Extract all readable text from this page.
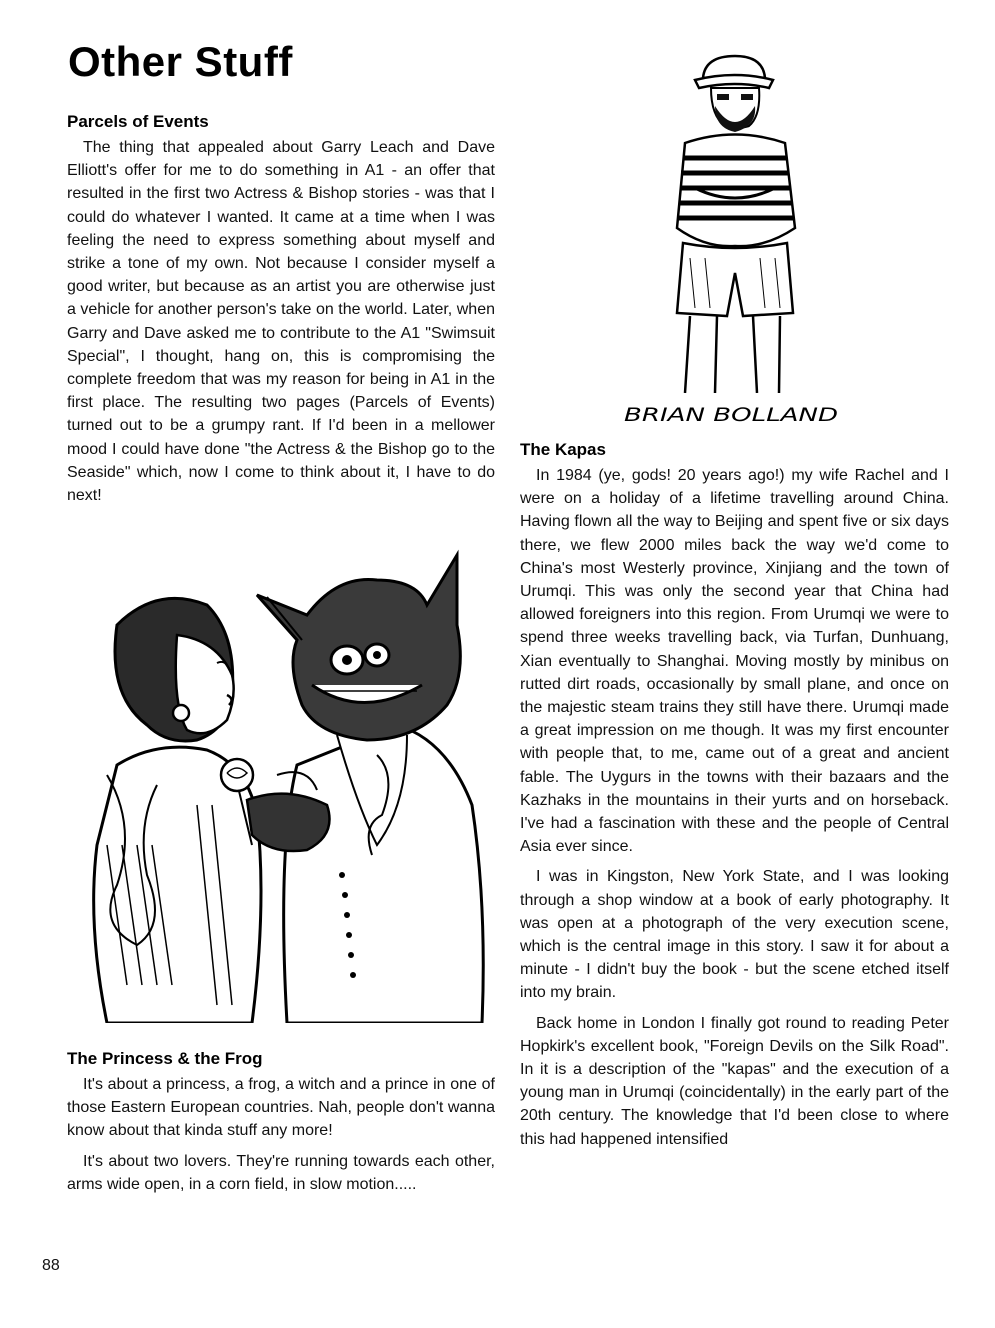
Other Stuff
Parcels of Events

The thing that appealed about Garry Leach and Dave Elliott's offer for me to do something in A1 - an offer that resulted in the first two Actress & Bishop stories - was that I could do whatever I wanted. It came at a time when I was feeling the need to express something about myself and strike a tone of my own. Not because I consider myself a good writer, but because as an artist you are otherwise just a vehicle for another person's take on the world. Later, when Garry and Dave asked me to contribute to the A1 "Swimsuit Special", I thought, hang on, this is compromising the complete freedom that was my reason for being in A1 in the first place. The resulting two pages (Parcels of Events) turned out to be a grumpy rant. If I'd been in a mellower mood I could have done "the Actress & the Bishop go to the Seaside" which, now I come to think about it, I have to do next!

The Princess & the Frog

It's about a princess, a frog, a witch and a prince in one of those Eastern European countries. Nah, people don't wanna know about that kinda stuff any more!

It's about two lovers. They're running towards each other, arms wide open, in a corn field, in slow motion.....

BRIAN BOLLAND
The Kapas

In 1984 (ye, gods! 20 years ago!) my wife Rachel and I were on a holiday of a lifetime travelling around China. Having flown all the way to Beijing and spent five or six days there, we flew 2000 miles back the way we'd come to China's most Westerly province, Xinjiang and the town of Urumqi. This was only the second year that China had allowed foreigners into this region. From Urumqi we were to spend three weeks travelling back, via Turfan, Dunhuang, Xian eventually to Shanghai. Moving mostly by minibus on rutted dirt roads, occasionally by small plane, and once on the majestic steam trains they still have there. Urumqi made a great impression on me though. It was my first encounter with people that, to me, came out of a great and ancient fable. The Uygurs in the towns with their bazaars and the Kazhaks in the mountains in their yurts and on horseback. I've had a fascination with these and the people of Central Asia ever since.

I was in Kingston, New York State, and I was looking through a shop window at a book of early photography. It was open at a photograph of the very execution scene, which is the central image in this story. I saw it for about a minute - I didn't buy the book - but the scene etched itself into my brain.

Back home in London I finally got round to reading Peter Hopkirk's excellent book, "Foreign Devils on the Silk Road". In it is a description of the "kapas" and the execution of a young man in Urumqi (coincidentally) in the early part of the 20th century. The knowledge that I'd been close to where this had happened intensified

88
